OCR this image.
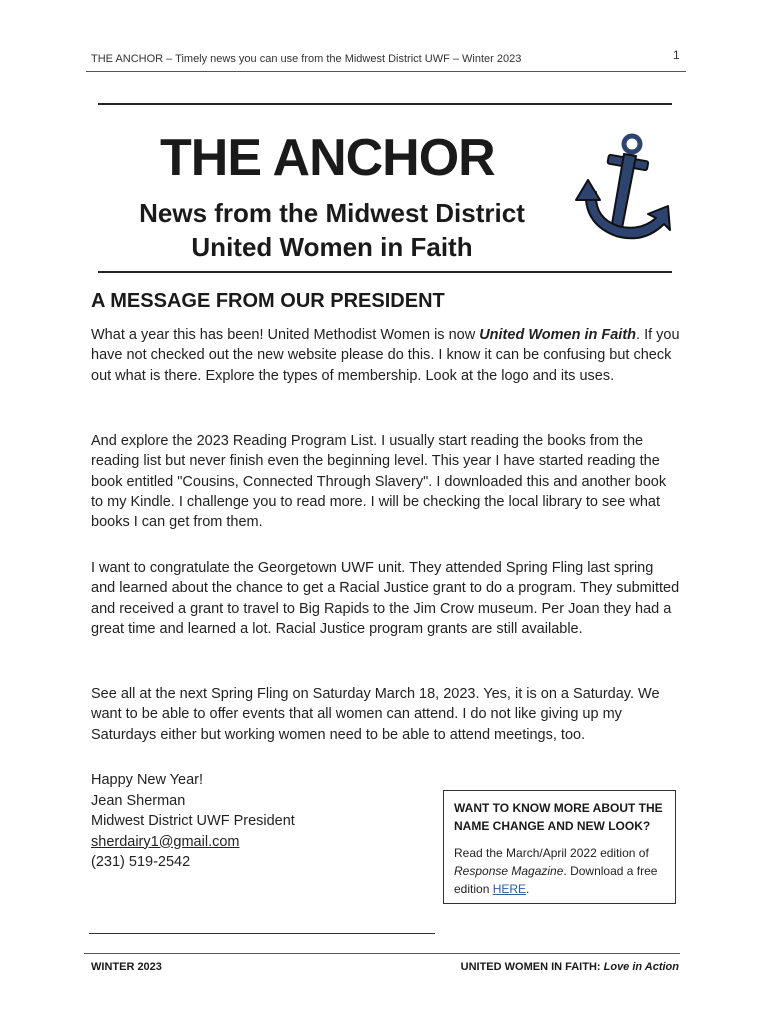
THE ANCHOR – Timely news you can use from the Midwest District UWF – Winter 2023	1
THE ANCHOR
News from the Midwest District
United Women in Faith
A MESSAGE FROM OUR PRESIDENT

What a year this has been! United Methodist Women is now United Women in Faith. If you have not checked out the new website please do this. I know it can be confusing but check out what is there. Explore the types of membership. Look at the logo and its uses.

And explore the 2023 Reading Program List. I usually start reading the books from the reading list but never finish even the beginning level. This year I have started reading the book entitled "Cousins, Connected Through Slavery". I downloaded this and another book to my Kindle. I challenge you to read more. I will be checking the local library to see what books I can get from them.

I want to congratulate the Georgetown UWF unit. They attended Spring Fling last spring and learned about the chance to get a Racial Justice grant to do a program. They submitted and received a grant to travel to Big Rapids to the Jim Crow museum. Per Joan they had a great time and learned a lot. Racial Justice program grants are still available.

See all at the next Spring Fling on Saturday March 18, 2023. Yes, it is on a Saturday. We want to be able to offer events that all women can attend. I do not like giving up my Saturdays either but working women need to be able to attend meetings, too.

Happy New Year!
Jean Sherman
Midwest District UWF President
sherdairy1@gmail.com
(231) 519-2542
WANT TO KNOW MORE ABOUT THE NAME CHANGE AND NEW LOOK?
Read the March/April 2022 edition of Response Magazine. Download a free edition HERE.
WINTER 2023	UNITED WOMEN IN FAITH: Love in Action
